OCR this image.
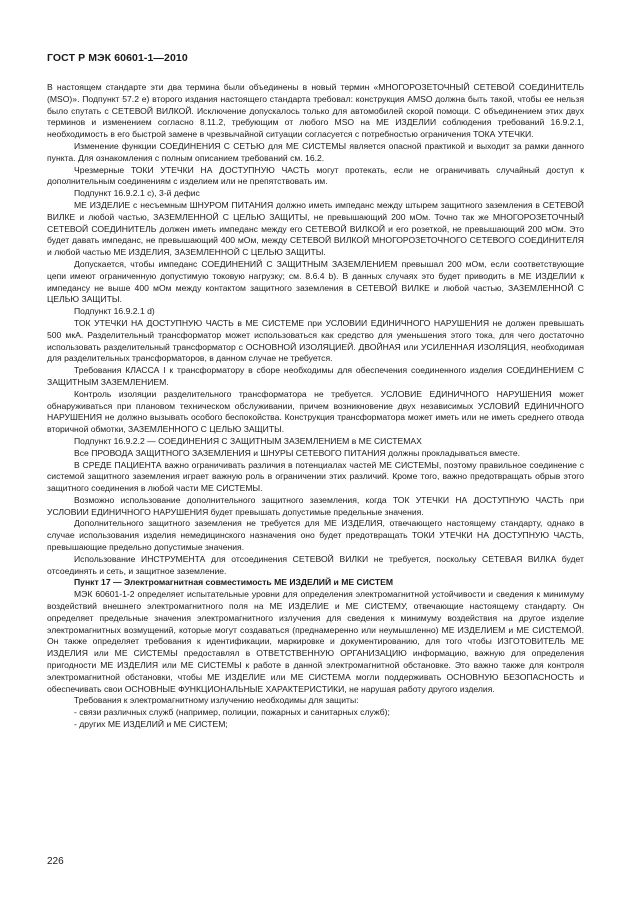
ГОСТ Р МЭК 60601-1—2010

В настоящем стандарте эти два термина были объединены в новый термин «МНОГОРОЗЕТОЧНЫЙ СЕТЕВОЙ СОЕДИНИТЕЛЬ (MSO)». Подпункт 57.2 е) второго издания настоящего стандарта требовал: конструкция AMSO должна быть такой, чтобы ее нельзя было спутать с СЕТЕВОЙ ВИЛКОЙ. Исключение допускалось только для автомобилей скорой помощи. С объединением этих двух терминов и изменением согласно 8.11.2, требующим от любого MSO на МЕ ИЗДЕЛИИ соблюдения требований 16.9.2.1, необходимость в его быстрой замене в чрезвычайной ситуации согласуется с потребностью ограничения ТОКА УТЕЧКИ.

Изменение функции СОЕДИНЕНИЯ С СЕТЬЮ для МЕ СИСТЕМЫ является опасной практикой и выходит за рамки данного пункта. Для ознакомления с полным описанием требований см. 16.2.

Чрезмерные ТОКИ УТЕЧКИ НА ДОСТУПНУЮ ЧАСТЬ могут протекать, если не ограничивать случайный доступ к дополнительным соединениям с изделием или не препятствовать им.

Подпункт 16.9.2.1 c), 3-й дефис

МЕ ИЗДЕЛИЕ с несъемным ШНУРОМ ПИТАНИЯ должно иметь импеданс между штырем защитного заземления в СЕТЕВОЙ ВИЛКЕ и любой частью, ЗАЗЕМЛЕННОЙ С ЦЕЛЬЮ ЗАЩИТЫ, не превышающий 200 мОм. Точно так же МНОГОРОЗЕТОЧНЫЙ СЕТЕВОЙ СОЕДИНИТЕЛЬ должен иметь импеданс между его СЕТЕВОЙ ВИЛКОЙ и его розеткой, не превышающий 200 мОм. Это будет давать импеданс, не превышающий 400 мОм, между СЕТЕВОЙ ВИЛКОЙ МНОГОРОЗЕТОЧНОГО СЕТЕВОГО СОЕДИНИТЕЛЯ и любой частью МЕ ИЗДЕЛИЯ, ЗАЗЕМЛЕННОЙ С ЦЕЛЬЮ ЗАЩИТЫ.

Допускается, чтобы импеданс СОЕДИНЕНИЙ С ЗАЩИТНЫМ ЗАЗЕМЛЕНИЕМ превышал 200 мОм, если соответствующие цепи имеют ограниченную допустимую токовую нагрузку; см. 8.6.4 b). В данных случаях это будет приводить в МЕ ИЗДЕЛИИ к импедансу не выше 400 мОм между контактом защитного заземления в СЕТЕВОЙ ВИЛКЕ и любой частью, ЗАЗЕМЛЕННОЙ С ЦЕЛЬЮ ЗАЩИТЫ.

Подпункт 16.9.2.1 d)

ТОК УТЕЧКИ НА ДОСТУПНУЮ ЧАСТЬ в МЕ СИСТЕМЕ при УСЛОВИИ ЕДИНИЧНОГО НАРУШЕНИЯ не должен превышать 500 мкА. Разделительный трансформатор может использоваться как средство для уменьшения этого тока, для чего достаточно использовать разделительный трансформатор с ОСНОВНОЙ ИЗОЛЯЦИЕЙ. ДВОЙНАЯ или УСИЛЕННАЯ ИЗОЛЯЦИЯ, необходимая для разделительных трансформаторов, в данном случае не требуется.

Требования КЛАССА I к трансформатору в сборе необходимы для обеспечения соединенного изделия СОЕДИНЕНИЕМ С ЗАЩИТНЫМ ЗАЗЕМЛЕНИЕМ.

Контроль изоляции разделительного трансформатора не требуется. УСЛОВИЕ ЕДИНИЧНОГО НАРУШЕНИЯ может обнаруживаться при плановом техническом обслуживании, причем возникновение двух независимых УСЛОВИЙ ЕДИНИЧНОГО НАРУШЕНИЯ не должно вызывать особого беспокойства. Конструкция трансформатора может иметь или не иметь среднего отвода вторичной обмотки, ЗАЗЕМЛЕННОГО С ЦЕЛЬЮ ЗАЩИТЫ.

Подпункт 16.9.2.2 — СОЕДИНЕНИЯ С ЗАЩИТНЫМ ЗАЗЕМЛЕНИЕМ в МЕ СИСТЕМАХ

Все ПРОВОДА ЗАЩИТНОГО ЗАЗЕМЛЕНИЯ и ШНУРЫ СЕТЕВОГО ПИТАНИЯ должны прокладываться вместе.

В СРЕДЕ ПАЦИЕНТА важно ограничивать различия в потенциалах частей МЕ СИСТЕМЫ, поэтому правильное соединение с системой защитного заземления играет важную роль в ограничении этих различий. Кроме того, важно предотвращать обрыв этого защитного соединения в любой части МЕ СИСТЕМЫ.

Возможно использование дополнительного защитного заземления, когда ТОК УТЕЧКИ НА ДОСТУПНУЮ ЧАСТЬ при УСЛОВИИ ЕДИНИЧНОГО НАРУШЕНИЯ будет превышать допустимые предельные значения.

Дополнительного защитного заземления не требуется для МЕ ИЗДЕЛИЯ, отвечающего настоящему стандарту, однако в случае использования изделия немедицинского назначения оно будет предотвращать ТОКИ УТЕЧКИ НА ДОСТУПНУЮ ЧАСТЬ, превышающие предельно допустимые значения.

Использование ИНСТРУМЕНТА для отсоединения СЕТЕВОЙ ВИЛКИ не требуется, поскольку СЕТЕВАЯ ВИЛКА будет отсоединять и сеть, и защитное заземление.

Пункт 17 — Электромагнитная совместимость МЕ ИЗДЕЛИЙ и МЕ СИСТЕМ

МЭК 60601-1-2 определяет испытательные уровни для определения электромагнитной устойчивости и сведения к минимуму воздействий внешнего электромагнитного поля на МЕ ИЗДЕЛИЕ и МЕ СИСТЕМУ, отвечающие настоящему стандарту. Он определяет предельные значения электромагнитного излучения для сведения к минимуму воздействия на другое изделие электромагнитных возмущений, которые могут создаваться (преднамеренно или неумышленно) МЕ ИЗДЕЛИЕМ и МЕ СИСТЕМОЙ. Он также определяет требования к идентификации, маркировке и документированию, для того чтобы ИЗГОТОВИТЕЛЬ МЕ ИЗДЕЛИЯ или МЕ СИСТЕМЫ предоставлял в ОТВЕТСТВЕННУЮ ОРГАНИЗАЦИЮ информацию, важную для определения пригодности МЕ ИЗДЕЛИЯ или МЕ СИСТЕМЫ к работе в данной электромагнитной обстановке. Это важно также для контроля электромагнитной обстановки, чтобы МЕ ИЗДЕЛИЕ или МЕ СИСТЕМА могли поддерживать ОСНОВНУЮ БЕЗОПАСНОСТЬ и обеспечивать свои ОСНОВНЫЕ ФУНКЦИОНАЛЬНЫЕ ХАРАКТЕРИСТИКИ, не нарушая работу другого изделия.

Требования к электромагнитному излучению необходимы для защиты:

- связи различных служб (например, полиции, пожарных и санитарных служб);
- других МЕ ИЗДЕЛИЙ и МЕ СИСТЕМ;
226
